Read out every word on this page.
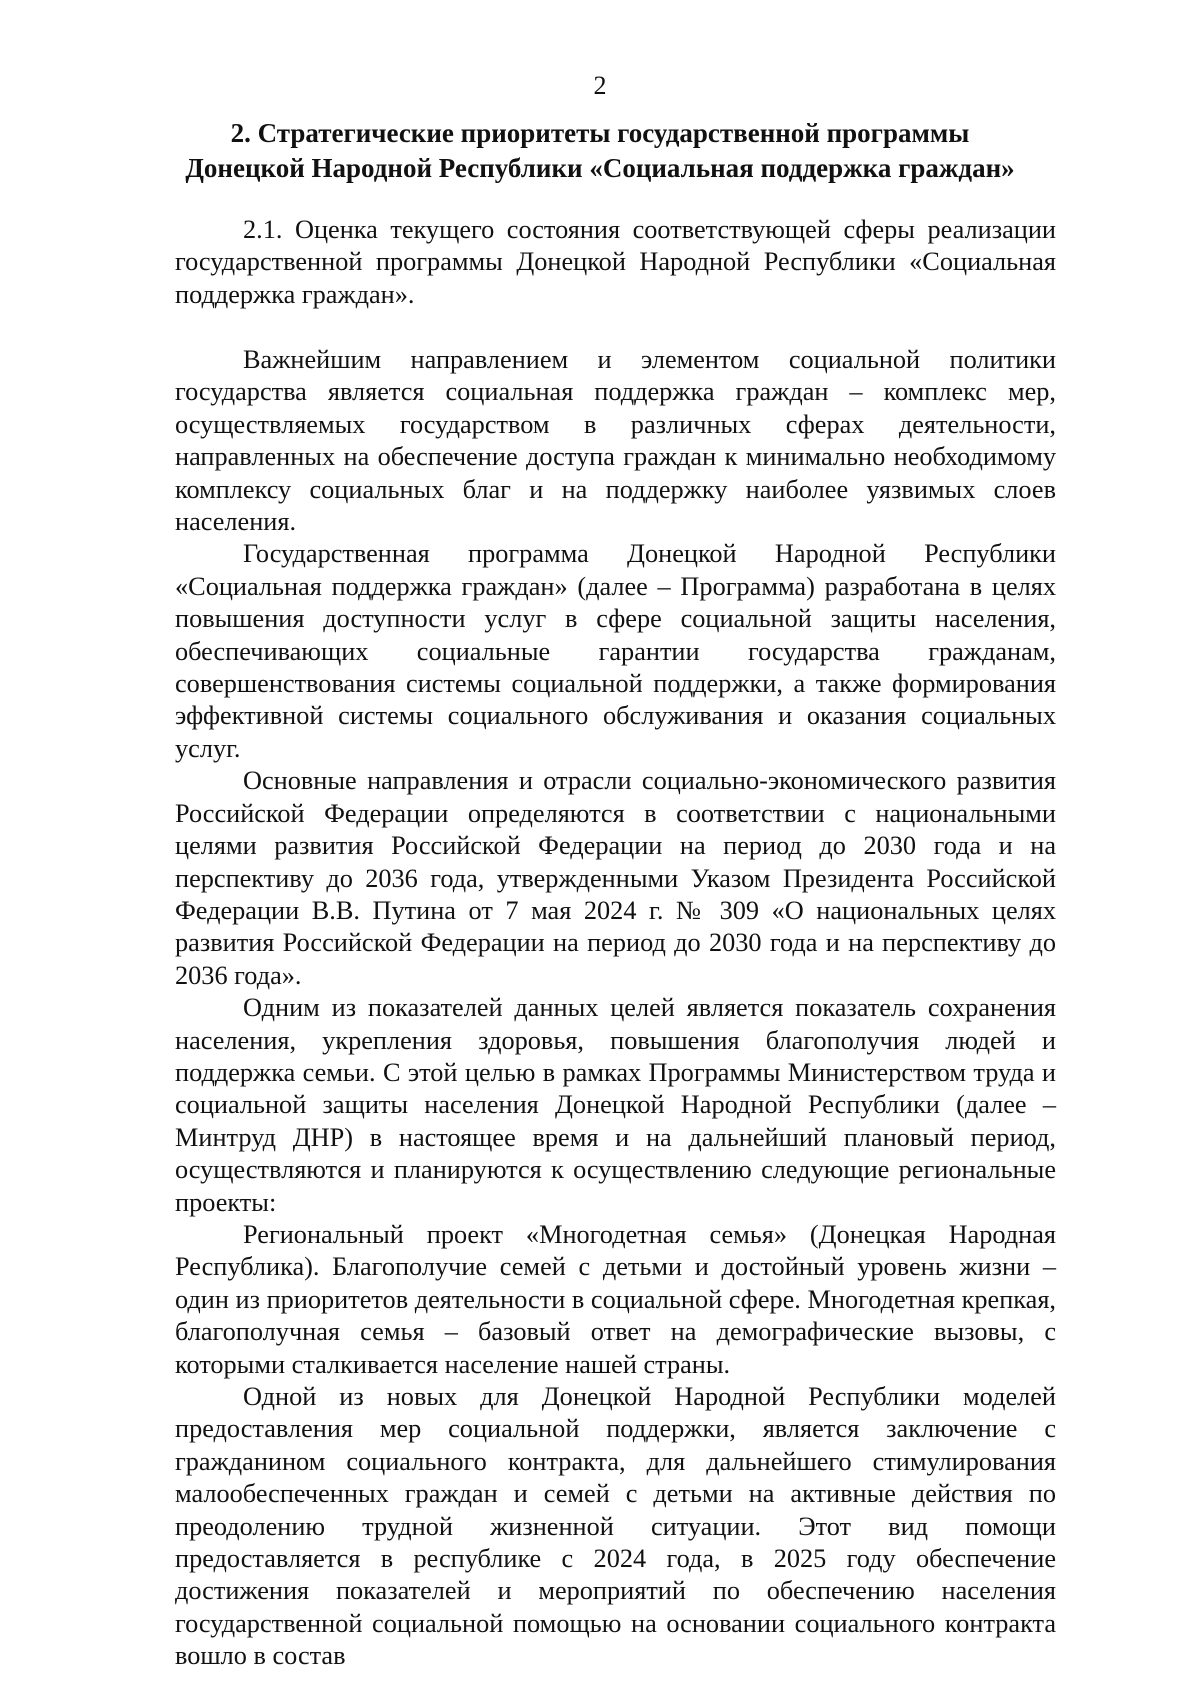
2
2. Стратегические приоритеты государственной программы
Донецкой Народной Республики «Социальная поддержка граждан»

2.1. Оценка текущего состояния соответствующей сферы реализации государственной программы Донецкой Народной Республики «Социальная поддержка граждан».

Важнейшим направлением и элементом социальной политики государства является социальная поддержка граждан – комплекс мер, осуществляемых государством в различных сферах деятельности, направленных на обеспечение доступа граждан к минимально необходимому комплексу социальных благ и на поддержку наиболее уязвимых слоев населения.

Государственная программа Донецкой Народной Республики «Социальная поддержка граждан» (далее – Программа) разработана в целях повышения доступности услуг в сфере социальной защиты населения, обеспечивающих социальные гарантии государства гражданам, совершенствования системы социальной поддержки, а также формирования эффективной системы социального обслуживания и оказания социальных услуг.

Основные направления и отрасли социально-экономического развития Российской Федерации определяются в соответствии с национальными целями развития Российской Федерации на период до 2030 года и на перспективу до 2036 года, утвержденными Указом Президента Российской Федерации В.В. Путина от 7 мая 2024 г. № 309 «О национальных целях развития Российской Федерации на период до 2030 года и на перспективу до 2036 года».

Одним из показателей данных целей является показатель сохранения населения, укрепления здоровья, повышения благополучия людей и поддержка семьи. С этой целью в рамках Программы Министерством труда и социальной защиты населения Донецкой Народной Республики (далее – Минтруд ДНР) в настоящее время и на дальнейший плановый период, осуществляются и планируются к осуществлению следующие региональные проекты:

Региональный проект «Многодетная семья» (Донецкая Народная Республика). Благополучие семей с детьми и достойный уровень жизни – один из приоритетов деятельности в социальной сфере. Многодетная крепкая, благополучная семья – базовый ответ на демографические вызовы, с которыми сталкивается население нашей страны.

Одной из новых для Донецкой Народной Республики моделей предоставления мер социальной поддержки, является заключение с гражданином социального контракта, для дальнейшего стимулирования малообеспеченных граждан и семей с детьми на активные действия по преодолению трудной жизненной ситуации. Этот вид помощи предоставляется в республике с 2024 года, в 2025 году обеспечение достижения показателей и мероприятий по обеспечению населения государственной социальной помощью на основании социального контракта вошло в состав
